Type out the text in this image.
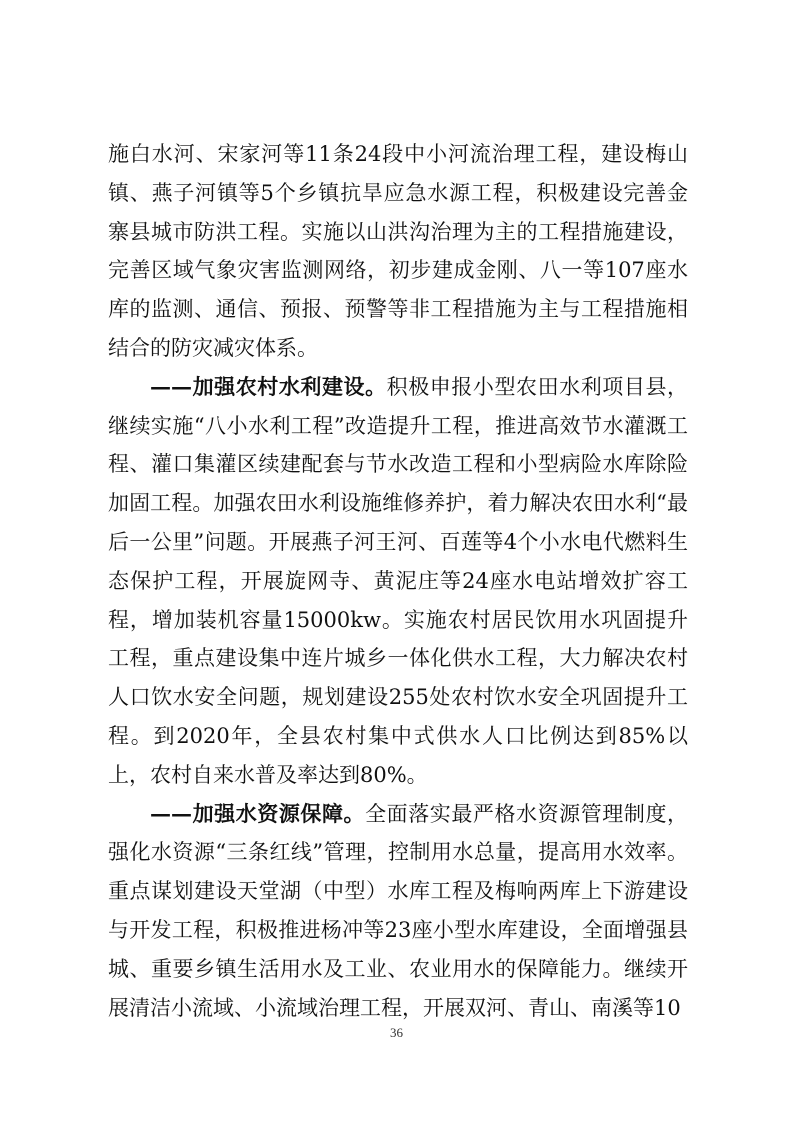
施白水河、宋家河等11条24段中小河流治理工程，建设梅山镇、燕子河镇等5个乡镇抗旱应急水源工程，积极建设完善金寨县城市防洪工程。实施以山洪沟治理为主的工程措施建设，完善区域气象灾害监测网络，初步建成金刚、八一等107座水库的监测、通信、预报、预警等非工程措施为主与工程措施相结合的防灾减灾体系。

——加强农村水利建设。积极申报小型农田水利项目县，继续实施“八小水利工程”改造提升工程，推进高效节水灌溉工程、灌口集灌区续建配套与节水改造工程和小型病险水库除险加固工程。加强农田水利设施维修养护，着力解决农田水利“最后一公里”问题。开展燕子河王河、百莲等4个小水电代燃料生态保护工程，开展旋网寺、黄泥庄等24座水电站增效扩容工程，增加装机容量15000kw。实施农村居民饮用水巩固提升工程，重点建设集中连片城乡一体化供水工程，大力解决农村人口饮水安全问题，规划建设255处农村饮水安全巩固提升工程。到2020年，全县农村集中式供水人口比例达到85%以上，农村自来水普及率达到80%。

——加强水资源保障。全面落实最严格水资源管理制度，强化水资源“三条红线”管理，控制用水总量，提高用水效率。重点谋划建设天堂湖（中型）水库工程及梅响两库上下游建设与开发工程，积极推进杨冲等23座小型水库建设，全面增强县城、重要乡镇生活用水及工业、农业用水的保障能力。继续开展清洁小流域、小流域治理工程，开展双河、青山、南溪等10

36
